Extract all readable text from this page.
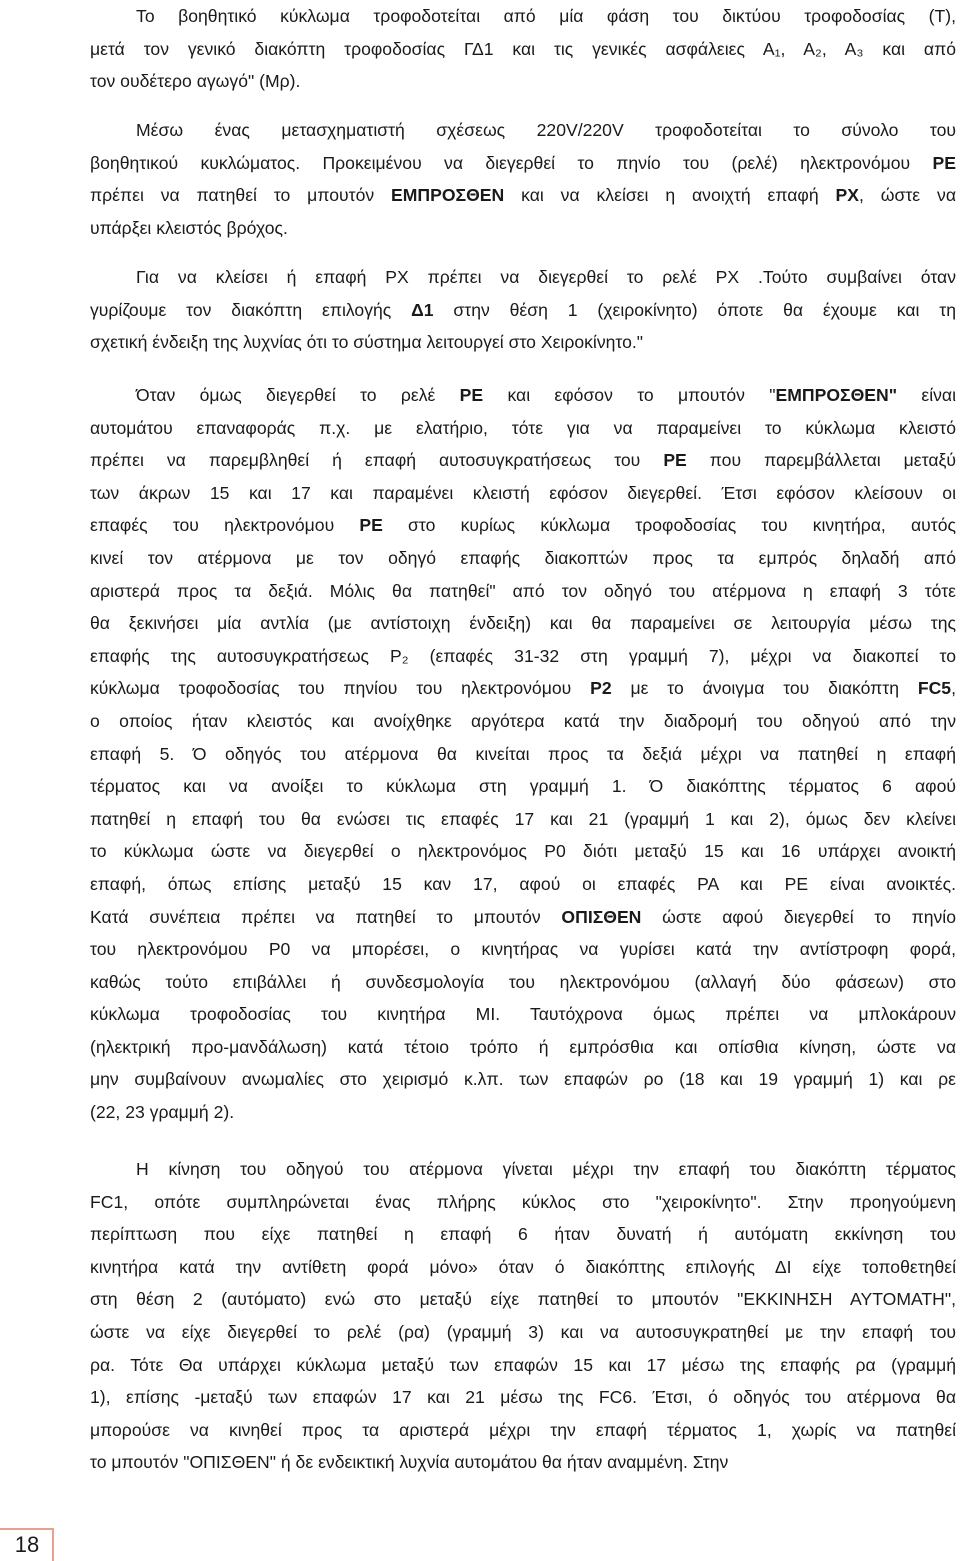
Το βοηθητικό κύκλωμα τροφοδοτείται από μία φάση του δικτύου τροφοδοσίας (Τ),
μετά τον γενικό διακόπτη τροφοδοσίας ΓΔ1 και τις γενικές ασφάλειες Α₁, Α₂, Α₃ και από
τον ουδέτερο αγωγό" (Μρ).
Μέσω ένας μετασχηματιστή σχέσεως 220V/220V τροφοδοτείται το σύνολο του
βοηθητικού κυκλώματος. Προκειμένου να διεγερθεί το πηνίο του (ρελέ) ηλεκτρονόμου ΡΕ
πρέπει να πατηθεί το μπουτόν ΕΜΠΡΟΣΘΕΝ και να κλείσει η ανοιχτή επαφή ΡΧ, ώστε να
υπάρξει κλειστός βρόχος.
Για να κλείσει ή επαφή ΡΧ πρέπει να διεγερθεί το ρελέ ΡΧ .Τούτο συμβαίνει όταν
γυρίζουμε τον διακόπτη επιλογής Δ1 στην θέση 1 (χειροκίνητο) όποτε θα έχουμε και τη
σχετική ένδειξη της λυχνίας ότι το σύστημα λειτουργεί στο Χειροκίνητο."
Όταν όμως διεγερθεί το ρελέ ΡΕ και εφόσον το μπουτόν "ΕΜΠΡΟΣΘΕΝ" είναι
αυτομάτου επαναφοράς π.χ. με ελατήριο, τότε για να παραμείνει το κύκλωμα κλειστό
πρέπει να παρεμβληθεί ή επαφή αυτοσυγκρατήσεως του ΡΕ που παρεμβάλλεται μεταξύ
των άκρων 15 και 17 και παραμένει κλειστή εφόσον διεγερθεί. Έτσι εφόσον κλείσουν οι
επαφές του ηλεκτρονόμου ΡΕ στο κυρίως κύκλωμα τροφοδοσίας του κινητήρα, αυτός
κινεί τον ατέρμονα με τον οδηγό επαφής διακοπτών προς τα εμπρός δηλαδή από
αριστερά προς τα δεξιά. Μόλις θα πατηθεί" από τον οδηγό του ατέρμονα η επαφή 3 τότε
θα ξεκινήσει μία αντλία (με αντίστοιχη ένδειξη) και θα παραμείνει σε λειτουργία μέσω της
επαφής της αυτοσυγκρατήσεως Ρ₂ (επαφές 31-32 στη γραμμή 7), μέχρι να διακοπεί το
κύκλωμα τροφοδοσίας του πηνίου του ηλεκτρονόμου Ρ2 με το άνοιγμα του διακόπτη FC5,
ο οποίος ήταν κλειστός και ανοίχθηκε αργότερα κατά την διαδρομή του οδηγού από την
επαφή 5. Ό οδηγός του ατέρμονα θα κινείται προς τα δεξιά μέχρι να πατηθεί η επαφή
τέρματος και να ανοίξει το κύκλωμα στη γραμμή 1. Ό διακόπτης τέρματος 6 αφού
πατηθεί η επαφή του θα ενώσει τις επαφές 17 και 21 (γραμμή 1 και 2), όμως δεν κλείνει
το κύκλωμα ώστε να διεγερθεί ο ηλεκτρονόμος Ρ0 διότι μεταξύ 15 και 16 υπάρχει ανοικτή
επαφή, όπως επίσης μεταξύ 15 καν 17, αφού οι επαφές ΡΑ και ΡΕ είναι ανοικτές.
Κατά συνέπεια πρέπει να πατηθεί το μπουτόν ΟΠΙΣΘΕΝ ώστε αφού διεγερθεί το πηνίο
του ηλεκτρονόμου Ρ0 να μπορέσει, ο κινητήρας να γυρίσει κατά την αντίστροφη φορά,
καθώς τούτο επιβάλλει ή συνδεσμολογία του ηλεκτρονόμου (αλλαγή δύο φάσεων) στο
κύκλωμα τροφοδοσίας του κινητήρα ΜΙ. Ταυτόχρονα όμως πρέπει να μπλοκάρουν
(ηλεκτρική προ-μανδάλωση) κατά τέτοιο τρόπο ή εμπρόσθια και οπίσθια κίνηση, ώστε να
μην συμβαίνουν ανωμαλίες στο χειρισμό κ.λπ. των επαφών ρο (18 και 19 γραμμή 1) και ρε
(22, 23 γραμμή 2).
Η κίνηση του οδηγού του ατέρμονα γίνεται μέχρι την επαφή του διακόπτη τέρματος
FC1, οπότε συμπληρώνεται ένας πλήρης κύκλος στο "χειροκίνητο". Στην προηγούμενη
περίπτωση που είχε πατηθεί η επαφή 6 ήταν δυνατή ή αυτόματη εκκίνηση του
κινητήρα κατά την αντίθετη φορά μόνο» όταν ό διακόπτης επιλογής ΔΙ είχε τοποθετηθεί
στη θέση 2 (αυτόματο) ενώ στο μεταξύ είχε πατηθεί το μπουτόν "ΕΚΚΙΝΗΣΗ ΑΥΤΟΜΑΤΗ",
ώστε να είχε διεγερθεί το ρελέ (ρα) (γραμμή 3) και να αυτοσυγκρατηθεί με την επαφή του
ρα. Τότε Θα υπάρχει κύκλωμα μεταξύ των επαφών 15 και 17 μέσω της επαφής ρα (γραμμή
1), επίσης -μεταξύ των επαφών 17 και 21 μέσω της FC6. Έτσι, ό οδηγός του ατέρμονα θα
μπορούσε να κινηθεί προς τα αριστερά μέχρι την επαφή τέρματος 1, χωρίς να πατηθεί
το μπουτόν "ΟΠΙΣΘΕΝ" ή δε ενδεικτική λυχνία αυτομάτου θα ήταν αναμμένη. Στην
18
